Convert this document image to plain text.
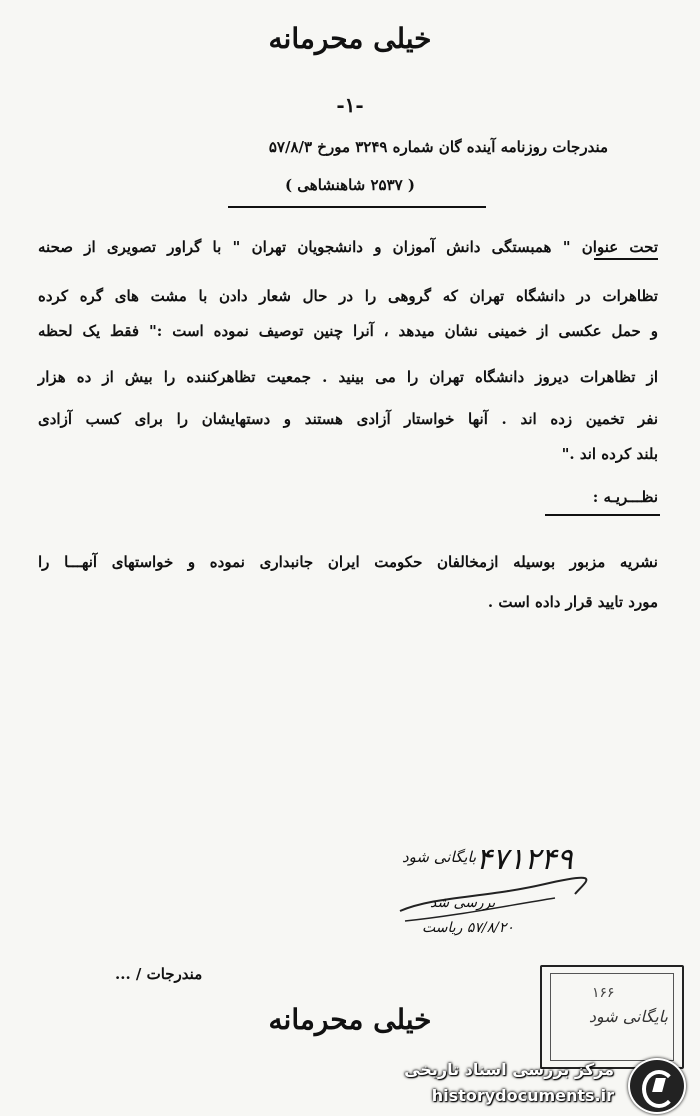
خیلی محرمانه
-۱-
مندرجات روزنامه آینده گان شماره ۳۲۴۹ مورخ ۵۷/۸/۳
( ۲۵۳۷ شاهنشاهی )
تحت عنوان " همبستگی دانش آموزان و دانشجویان تهران " با گراور تصویری از صحنه
تظاهرات در دانشگاه تهران که گروهی را در حال شعار دادن با مشت های گره کرده
و حمل عکسی از خمینی نشان میدهد ، آنرا چنین توصیف نموده است :" فقط یک لحظه
از تظاهرات دیروز دانشگاه تهران را می بینید . جمعیت تظاهرکننده را بیش از ده هزار
نفر تخمین زده اند . آنها خواستار آزادی هستند و دستهایشان را برای کسب آزادی
بلند کرده اند ."
نظـــریـه :
نشریه مزبور بوسیله ازمخالفان حکومت ایران جانبداری نموده و خواستهای آنهـــا را
مورد تایید قرار داده است .
۴۷۱۲۴۹
بایگانی شود
بررسی شد
۵۷/۸/۲۰ ریاست
مندرجات / ...
خیلی محرمانه
۱۶۶
بایگانی شود
مرکز بررسی اسناد تاریخی
historydocuments.ir
